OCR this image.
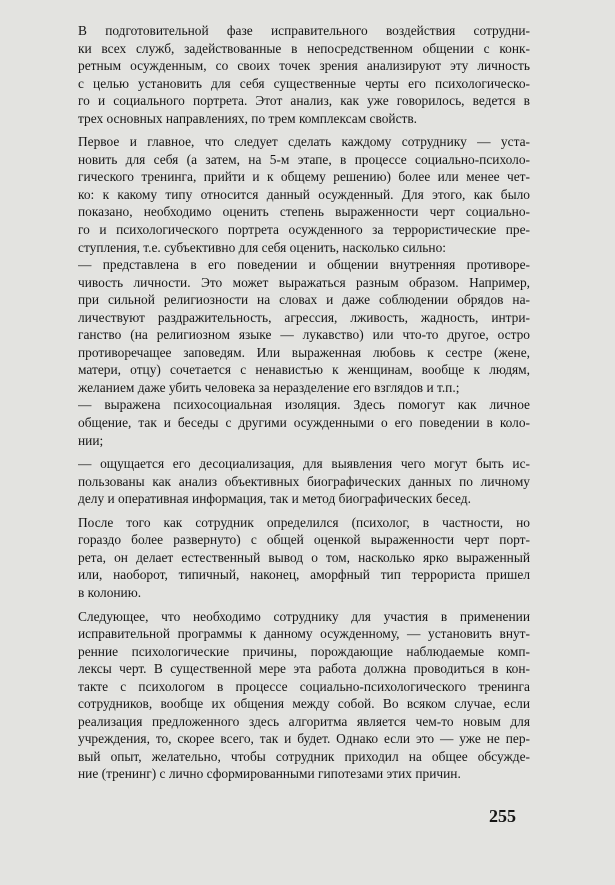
В подготовительной фазе исправительного воздействия сотрудни-
ки всех служб, задействованные в непосредственном общении с конк-
ретным осужденным, со своих точек зрения анализируют эту личность
с целью установить для себя существенные черты его психологическо-
го и социального портрета. Этот анализ, как уже говорилось, ведется в
трех основных направлениях, по трем комплексам свойств.

Первое и главное, что следует сделать каждому сотруднику — уста-
новить для себя (а затем, на 5-м этапе, в процессе социально-психоло-
гического тренинга, прийти и к общему решению) более или менее чет-
ко: к какому типу относится данный осужденный. Для этого, как было
показано, необходимо оценить степень выраженности черт социально-
го и психологического портрета осужденного за террористические пре-
ступления, т.е. субъективно для себя оценить, насколько сильно:

— представлена в его поведении и общении внутренняя противоре-
чивость личности. Это может выражаться разным образом. Например,
при сильной религиозности на словах и даже соблюдении обрядов на-
личествуют раздражительность, агрессия, лживость, жадность, интри-
ганство (на религиозном языке — лукавство) или что-то другое, остро
противоречащее заповедям. Или выраженная любовь к сестре (жене,
матери, отцу) сочетается с ненавистью к женщинам, вообще к людям,
желанием даже убить человека за неразделение его взглядов и т.п.;

— выражена психосоциальная изоляция. Здесь помогут как личное
общение, так и беседы с другими осужденными о его поведении в коло-
нии;

— ощущается его десоциализация, для выявления чего могут быть ис-
пользованы как анализ объективных биографических данных по личному
делу и оперативная информация, так и метод биографических бесед.

После того как сотрудник определился (психолог, в частности, но
гораздо более развернуто) с общей оценкой выраженности черт порт-
рета, он делает естественный вывод о том, насколько ярко выраженный
или, наоборот, типичный, наконец, аморфный тип террориста пришел
в колонию.

Следующее, что необходимо сотруднику для участия в применении
исправительной программы к данному осужденному, — установить внут-
ренние психологические причины, порождающие наблюдаемые комп-
лексы черт. В существенной мере эта работа должна проводиться в кон-
такте с психологом в процессе социально-психологического тренинга
сотрудников, вообще их общения между собой. Во всяком случае, если
реализация предложенного здесь алгоритма является чем-то новым для
учреждения, то, скорее всего, так и будет. Однако если это — уже не пер-
вый опыт, желательно, чтобы сотрудник приходил на общее обсужде-
ние (тренинг) с лично сформированными гипотезами этих причин.

255
